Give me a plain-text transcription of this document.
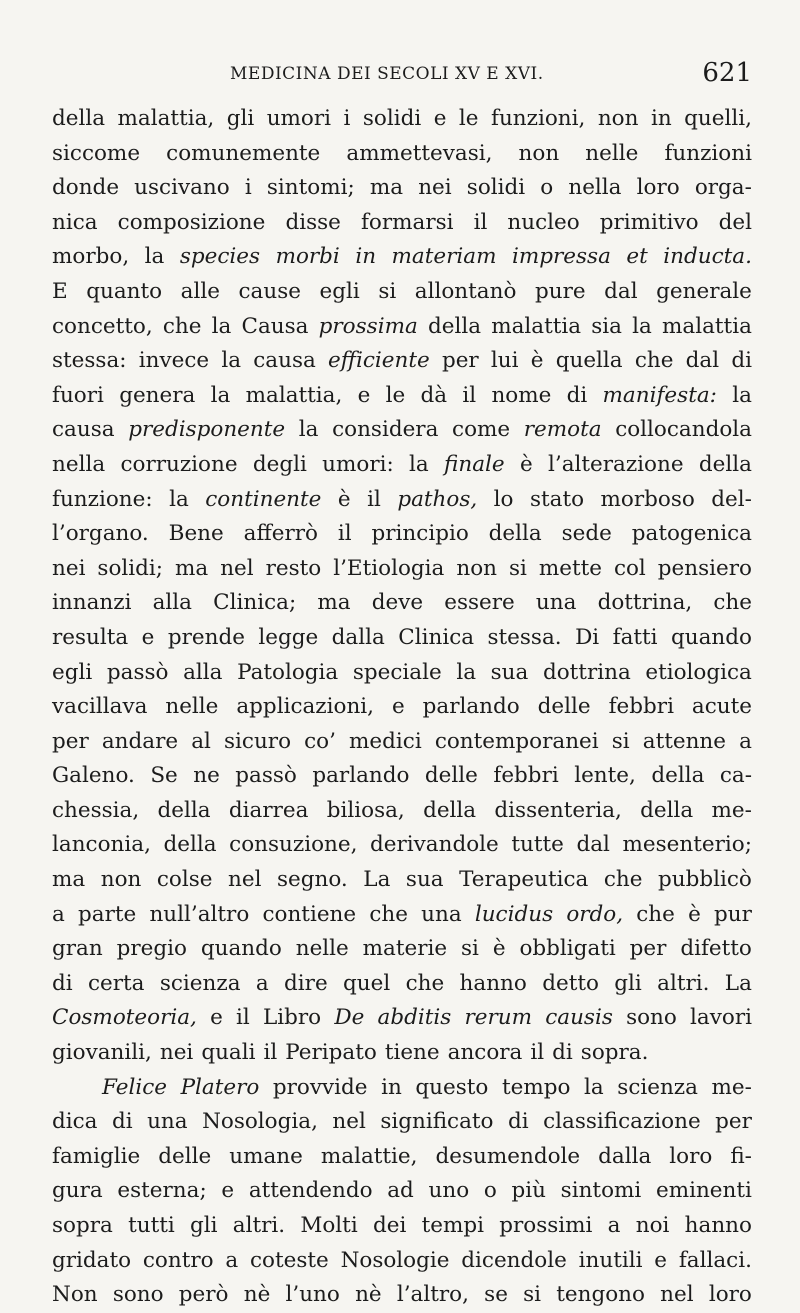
MEDICINA DEI SECOLI XV E XVI.	621
della malattia, gli umori i solidi e le funzioni, non in quelli,
siccome comunemente ammettevasi, non nelle funzioni
donde uscivano i sintomi; ma nei solidi o nella loro orga-
nica composizione disse formarsi il nucleo primitivo del
morbo, la species morbi in materiam impressa et inducta.
E quanto alle cause egli si allontanò pure dal generale
concetto, che la Causa prossima della malattia sia la malattia
stessa: invece la causa efficiente per lui è quella che dal di
fuori genera la malattia, e le dà il nome di manifesta: la
causa predisponente la considera come remota collocandola
nella corruzione degli umori: la finale è l’alterazione della
funzione: la continente è il pathos, lo stato morboso del-
l’organo. Bene afferrò il principio della sede patogenica
nei solidi; ma nel resto l’Etiologia non si mette col pensiero
innanzi alla Clinica; ma deve essere una dottrina, che
resulta e prende legge dalla Clinica stessa. Di fatti quando
egli passò alla Patologia speciale la sua dottrina etiologica
vacillava nelle applicazioni, e parlando delle febbri acute
per andare al sicuro co’ medici contemporanei si attenne a
Galeno. Se ne passò parlando delle febbri lente, della ca-
chessia, della diarrea biliosa, della dissenteria, della me-
lanconia, della consuzione, derivandole tutte dal mesenterio;
ma non colse nel segno. La sua Terapeutica che pubblicò
a parte null’altro contiene che una lucidus ordo, che è pur
gran pregio quando nelle materie si è obbligati per difetto
di certa scienza a dire quel che hanno detto gli altri. La
Cosmoteoria, e il Libro De abditis rerum causis sono lavori
giovanili, nei quali il Peripato tiene ancora il di sopra.
Felice Platero provvide in questo tempo la scienza me-
dica di una Nosologia, nel significato di classificazione per
famiglie delle umane malattie, desumendole dalla loro fi-
gura esterna; e attendendo ad uno o più sintomi eminenti
sopra tutti gli altri. Molti dei tempi prossimi a noi hanno
gridato contro a coteste Nosologie dicendole inutili e fallaci.
Non sono però nè l’uno nè l’altro, se si tengono nel loro
